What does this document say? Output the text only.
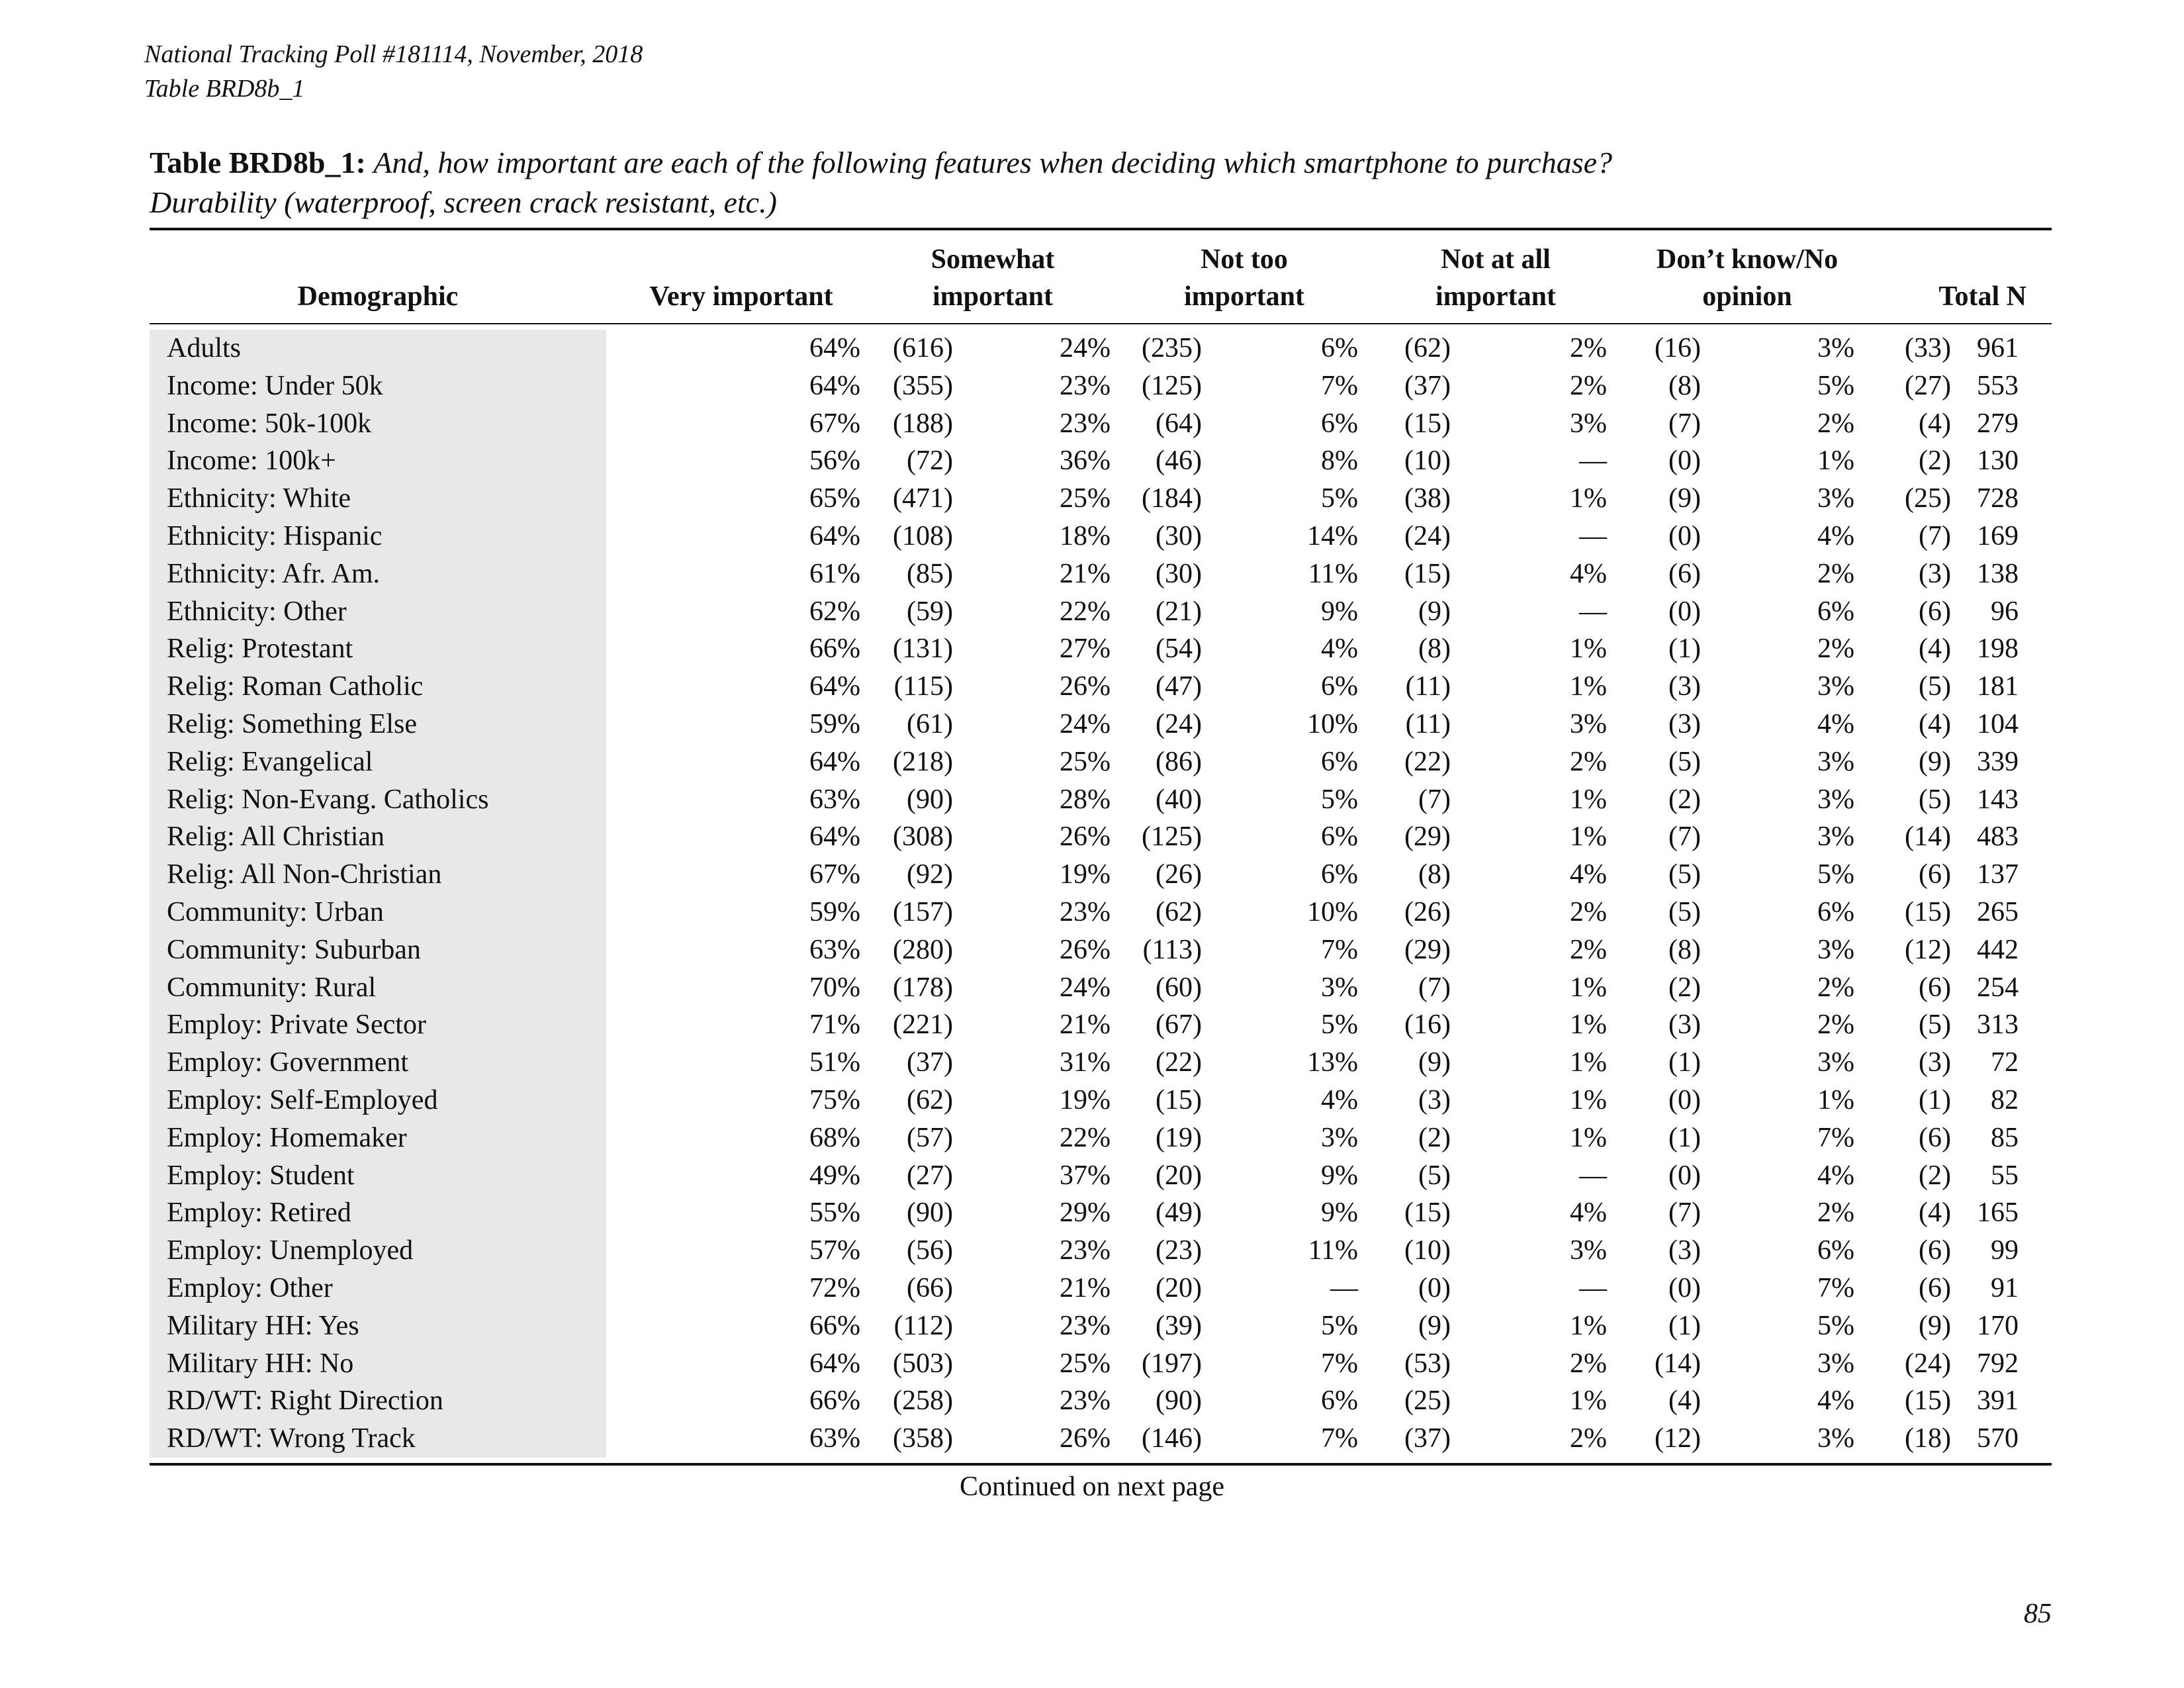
National Tracking Poll #181114, November, 2018
Table BRD8b_1
Table BRD8b_1: And, how important are each of the following features when deciding which smartphone to purchase?
Durability (waterproof, screen crack resistant, etc.)
Demographic	Very important
Somewhat
important
Not too
important
Not at all
important
Don’t know/No
opinion	Total N
Adults	64% (616)	24% (235)	6% (62)	2% (16)	3% (33) 961
Income: Under 50k	64% (355)	23% (125)	7% (37)	2% (8)	5% (27) 553
Income: 50k-100k	67% (188)	23% (64)	6% (15)	3% (7)	2% (4) 279
Income: 100k+	56% (72)	36% (46)	8% (10)	— (0)	1% (2) 130
Ethnicity: White	65% (471)	25% (184)	5% (38)	1% (9)	3% (25) 728
Ethnicity: Hispanic	64% (108)	18% (30)	14% (24)	— (0)	4% (7) 169
Ethnicity: Afr. Am.	61% (85)	21% (30)	11% (15)	4% (6)	2% (3) 138
Ethnicity: Other	62% (59)	22% (21)	9% (9)	— (0)	6% (6) 96
Relig: Protestant	66% (131)	27% (54)	4% (8)	1% (1)	2% (4) 198
Relig: Roman Catholic	64% (115)	26% (47)	6% (11)	1% (3)	3% (5) 181
Relig: Something Else	59% (61)	24% (24)	10% (11)	3% (3)	4% (4) 104
Relig: Evangelical	64% (218)	25% (86)	6% (22)	2% (5)	3% (9) 339
Relig: Non-Evang. Catholics	63% (90)	28% (40)	5% (7)	1% (2)	3% (5) 143
Relig: All Christian	64% (308)	26% (125)	6% (29)	1% (7)	3% (14) 483
Relig: All Non-Christian	67% (92)	19% (26)	6% (8)	4% (5)	5% (6) 137
Community: Urban	59% (157)	23% (62)	10% (26)	2% (5)	6% (15) 265
Community: Suburban	63% (280)	26% (113)	7% (29)	2% (8)	3% (12) 442
Community: Rural	70% (178)	24% (60)	3% (7)	1% (2)	2% (6) 254
Employ: Private Sector	71% (221)	21% (67)	5% (16)	1% (3)	2% (5) 313
Employ: Government	51% (37)	31% (22)	13% (9)	1% (1)	3% (3) 72
Employ: Self-Employed	75% (62)	19% (15)	4% (3)	1% (0)	1% (1) 82
Employ: Homemaker	68% (57)	22% (19)	3% (2)	1% (1)	7% (6) 85
Employ: Student	49% (27)	37% (20)	9% (5)	— (0)	4% (2) 55
Employ: Retired	55% (90)	29% (49)	9% (15)	4% (7)	2% (4) 165
Employ: Unemployed	57% (56)	23% (23)	11% (10)	3% (3)	6% (6) 99
Employ: Other	72% (66)	21% (20)	— (0)	— (0)	7% (6) 91
Military HH: Yes	66% (112)	23% (39)	5% (9)	1% (1)	5% (9) 170
Military HH: No	64% (503)	25% (197)	7% (53)	2% (14)	3% (24) 792
RD/WT: Right Direction	66% (258)	23% (90)	6% (25)	1% (4)	4% (15) 391
RD/WT: Wrong Track	63% (358)	26% (146)	7% (37)	2% (12)	3% (18) 570
Continued on next page
85
